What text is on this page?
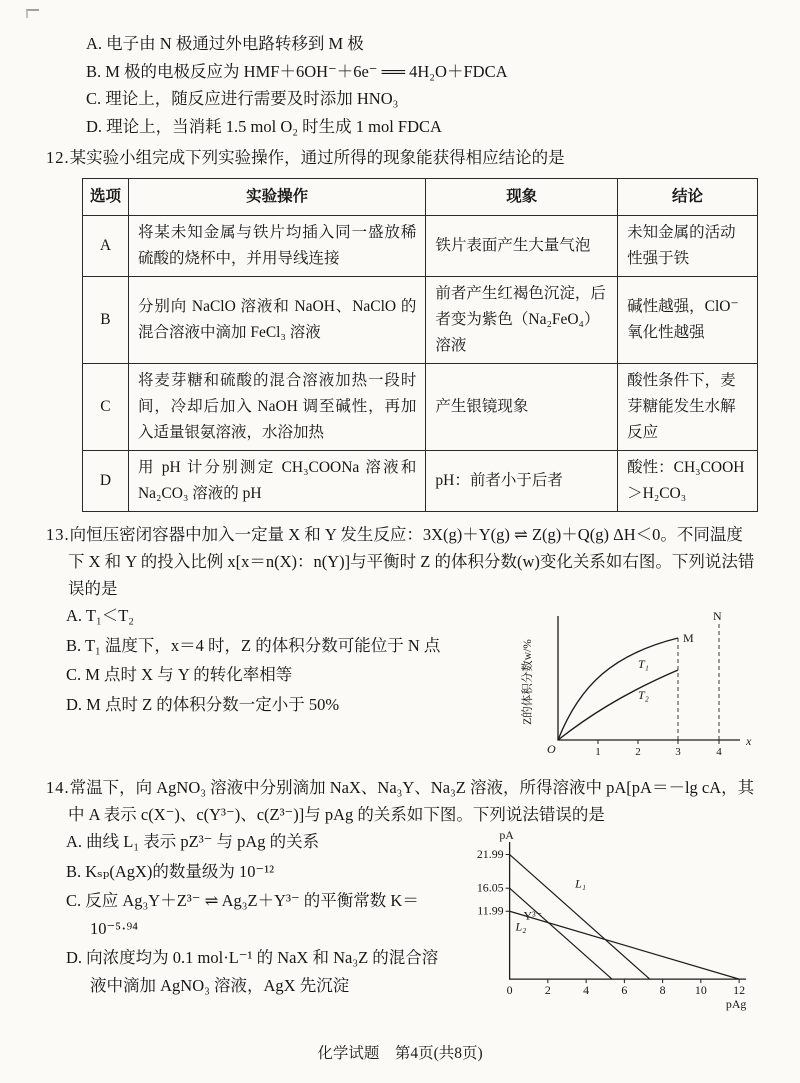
A. 电子由 N 极通过外电路转移到 M 极

B. M 极的电极反应为 HMF＋6OH⁻＋6e⁻ ══ 4H₂O＋FDCA

C. 理论上，随反应进行需要及时添加 HNO₃

D. 理论上，当消耗 1.5 mol O₂ 时生成 1 mol FDCA

12.某实验小组完成下列实验操作，通过所得的现象能获得相应结论的是

选项	实验操作	现象	结论
A	将某未知金属与铁片均插入同一盛放稀硫酸的烧杯中，并用导线连接	铁片表面产生大量气泡	未知金属的活动性强于铁
B	分别向 NaClO 溶液和 NaOH、NaClO 的混合溶液中滴加 FeCl₃ 溶液	前者产生红褐色沉淀，后者变为紫色（Na₂FeO₄）溶液	碱性越强，ClO⁻氧化性越强
C	将麦芽糖和硫酸的混合溶液加热一段时间，冷却后加入 NaOH 调至碱性，再加入适量银氨溶液，水浴加热	产生银镜现象	酸性条件下，麦芽糖能发生水解反应
D	用 pH 计分别测定 CH₃COONa 溶液和 Na₂CO₃ 溶液的 pH	pH：前者小于后者	酸性：CH₃COOH＞H₂CO₃

13.向恒压密闭容器中加入一定量 X 和 Y 发生反应：3X(g)＋Y(g) ⇌ Z(g)＋Q(g) ΔH＜0。不同温度下 X 和 Y 的投入比例 x[x＝n(X)：n(Y)]与平衡时 Z 的体积分数(w)变化关系如右图。下列说法错误的是

A. T₁＜T₂

B. T₁ 温度下，x＝4 时，Z 的体积分数可能位于 N 点

C. M 点时 X 与 Y 的转化率相等

D. M 点时 Z 的体积分数一定小于 50%	Z的体积分数w/%
M
N
T₁
T₂
O	1	2	3	4
x

14.常温下，向 AgNO₃ 溶液中分别滴加 NaX、Na₃Y、Na₃Z 溶液，所得溶液中 pA[pA＝－lg cA，其中 A 表示 c(X⁻)、c(Y³⁻)、c(Z³⁻)]与 pAg 的关系如下图。下列说法错误的是

A. 曲线 L₁ 表示 pZ³⁻ 与 pAg 的关系

B. Kₛₚ(AgX)的数量级为 10⁻¹²

C. 反应 Ag₃Y＋Z³⁻ ⇌ Ag₃Z＋Y³⁻ 的平衡常数 K＝10⁻⁵·⁹⁴

D. 向浓度均为 0.1 mol·L⁻¹ 的 NaX 和 Na₃Z 的混合溶液中滴加 AgNO₃ 溶液，AgX 先沉淀

pA
21.99
16.05
11.99
L₁
Y³⁻
L₂
0	2	4	6	8 10 12
pAg
化学试题　第4页(共8页)
